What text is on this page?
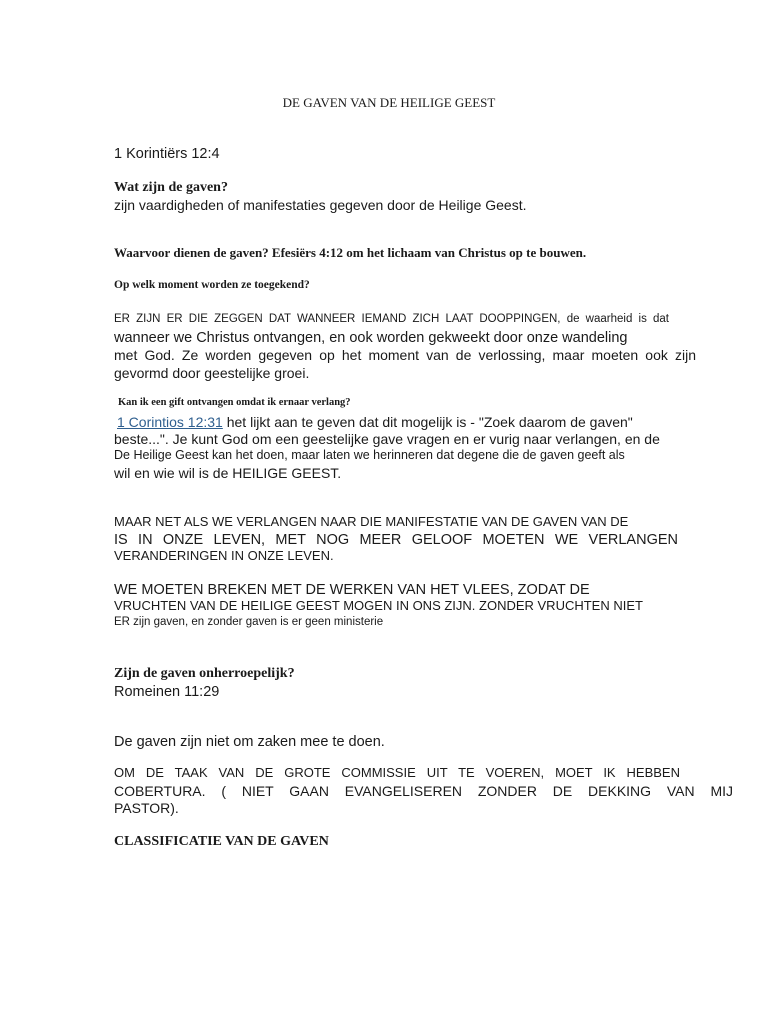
DE GAVEN VAN DE HEILIGE GEEST
1 Korintiërs 12:4
Wat zijn de gaven?
zijn vaardigheden of manifestaties gegeven door de Heilige Geest.
Waarvoor dienen de gaven? Efesiërs 4:12 om het lichaam van Christus op te bouwen.
Op welk moment worden ze toegekend?
ER ZIJN ER DIE ZEGGEN DAT WANNEER IEMAND ZICH LAAT DOOPPINGEN, de waarheid is dat
wanneer we Christus ontvangen, en ook worden gekweekt door onze wandeling
met God. Ze worden gegeven op het moment van de verlossing, maar moeten ook zijn
gevormd door geestelijke groei.
Kan ik een gift ontvangen omdat ik ernaar verlang?
1 Corintios 12:31 het lijkt aan te geven dat dit mogelijk is - "Zoek daarom de gaven"
beste...". Je kunt God om een geestelijke gave vragen en er vurig naar verlangen, en de
De Heilige Geest kan het doen, maar laten we herinneren dat degene die de gaven geeft als
wil en wie wil is de HEILIGE GEEST.
MAAR NET ALS WE VERLANGEN NAAR DIE MANIFESTATIE VAN DE GAVEN VAN DE
IS IN ONZE LEVEN, MET NOG MEER GELOOF MOETEN WE VERLANGEN
VERANDERINGEN IN ONZE LEVEN.
WE MOETEN BREKEN MET DE WERKEN VAN HET VLEES, ZODAT DE
VRUCHTEN VAN DE HEILIGE GEEST MOGEN IN ONS ZIJN. ZONDER VRUCHTEN NIET
ER zijn gaven, en zonder gaven is er geen ministerie
Zijn de gaven onherroepelijk?
Romeinen 11:29
De gaven zijn niet om zaken mee te doen.
OM DE TAAK VAN DE GROTE COMMISSIE UIT TE VOEREN, MOET IK HEBBEN
COBERTURA. ( NIET GAAN EVANGELISEREN ZONDER DE DEKKING VAN MIJ
PASTOR).
CLASSIFICATIE VAN DE GAVEN
